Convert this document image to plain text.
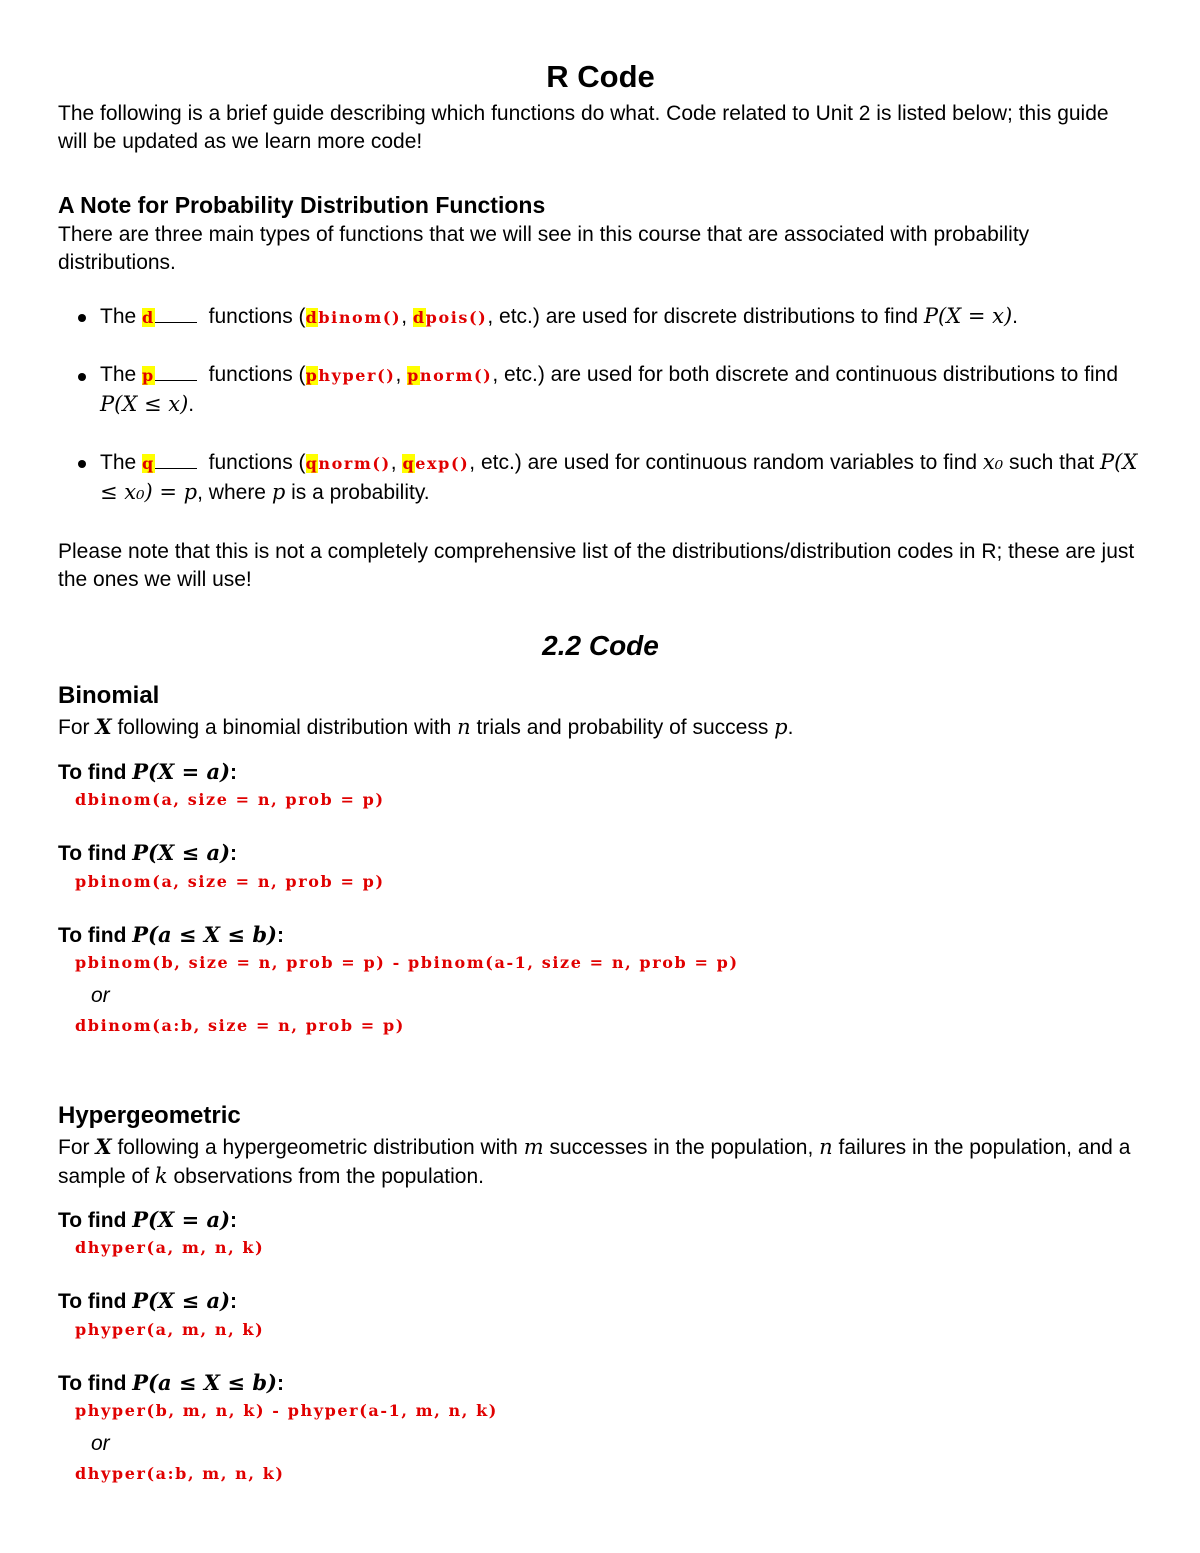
R Code
The following is a brief guide describing which functions do what. Code related to Unit 2 is listed below; this guide will be updated as we learn more code!
A Note for Probability Distribution Functions
There are three main types of functions that we will see in this course that are associated with probability distributions.
The d	functions (dbinom(), dpois(), etc.) are used for discrete distributions to find P(X = x).
The p	functions (phyper(), pnorm(), etc.) are used for both discrete and continuous distributions to find P(X ≤ x).
The q	functions (qnorm(), qexp(), etc.) are used for continuous random variables to find x₀ such that P(X ≤ x₀) = p, where p is a probability.
Please note that this is not a completely comprehensive list of the distributions/distribution codes in R; these are just the ones we will use!
2.2 Code
Binomial
For X following a binomial distribution with n trials and probability of success p.
To find P(X = a):
dbinom(a, size = n, prob = p)
To find P(X ≤ a):
pbinom(a, size = n, prob = p)
To find P(a ≤ X ≤ b):
pbinom(b, size = n, prob = p) - pbinom(a-1, size = n, prob = p)
or
dbinom(a:b, size = n, prob = p)
Hypergeometric
For X following a hypergeometric distribution with m successes in the population, n failures in the population, and a sample of k observations from the population.
To find P(X = a):
dhyper(a, m, n, k)
To find P(X ≤ a):
phyper(a, m, n, k)
To find P(a ≤ X ≤ b):
phyper(b, m, n, k) - phyper(a-1, m, n, k)
or
dhyper(a:b, m, n, k)
